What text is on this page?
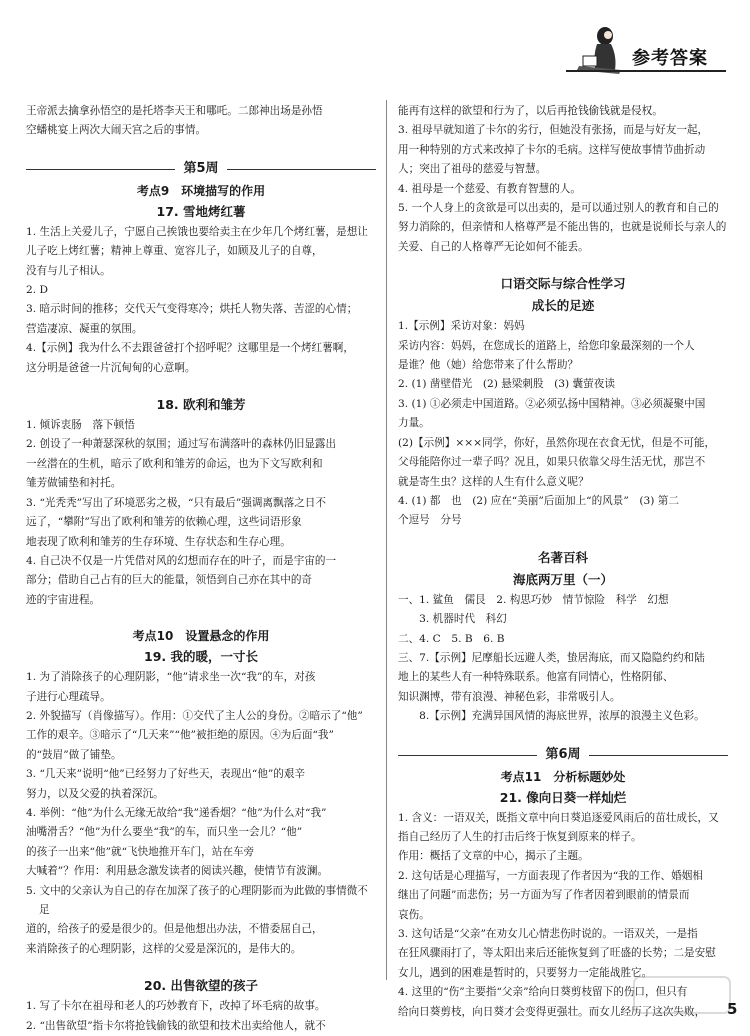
参考答案
王帝派去擒拿孙悟空的是托塔李天王和哪吒。二郎神出场是孙悟
空蟠桃宴上两次大闹天宫之后的事情。
第5周
考点9　环境描写的作用
17. 雪地烤红薯
1. 生活上关爱儿子，宁愿自己挨饿也要给卖主在少年几个烤红薯，是想让
儿子吃上烤红薯；精神上尊重、宽容儿子，如顾及儿子的自尊，
没有与儿子相认。
2. D
3. 暗示时间的推移；交代天气变得寒冷；烘托人物失落、苦涩的心情；
营造凄凉、凝重的氛围。
4.【示例】我为什么不去跟爸爸打个招呼呢？这哪里是一个烤红薯啊，
这分明是爸爸一片沉甸甸的心意啊。
18. 欧利和雏芳
1. 倾诉衷肠　落下顿悟
2. 创设了一种萧瑟深秋的氛围；通过写布满落叶的森林仍旧显露出
一丝潜在的生机，暗示了欧利和雏芳的命运，也为下文写欧利和
雏芳做铺垫和衬托。
3. “光秃秃”写出了环境恶劣之极，“只有最后”强调离飘落之日不
远了，“攀附”写出了欧利和雏芳的依赖心理，这些词语形象
地表现了欧利和雏芳的生存环境、生存状态和生存心理。
4. 自己决不仅是一片凭借对风的幻想而存在的叶子，而是宇宙的一
部分；借助自己占有的巨大的能量，领悟到自己亦在其中的奇
迹的宇宙进程。
考点10　设置悬念的作用
19. 我的暖，一寸长
1. 为了消除孩子的心理阴影，“他”请求坐一次“我”的车，对孩
子进行心理疏导。
2. 外貌描写（肖像描写）。作用：①交代了主人公的身份。②暗示了“他”
工作的艰辛。③暗示了“几天来”“他”被拒绝的原因。④为后面“我”
的“鼓眉”做了铺垫。
3. “几天来”说明“他”已经努力了好些天，表现出“他”的艰辛
努力，以及父爱的执着深沉。
4. 举例：“他”为什么无缘无故给“我”递香烟？“他”为什么对“我”
油嘴滑舌？“他”为什么要坐“我”的车，而只坐一会儿？“他”
的孩子一出来“他”就“飞快地推开车门，站在车旁
大喊着”？作用：利用悬念激发读者的阅读兴趣，使情节有波澜。
5. 文中的父亲认为自己的存在加深了孩子的心理阴影而为此做的事情微不足
道的，给孩子的爱是很少的。但是他想出办法，不惜委屈自己，
来消除孩子的心理阴影，这样的父爱是深沉的，是伟大的。
20. 出售欲望的孩子
1. 写了卡尔在祖母和老人的巧妙教育下，改掉了坏毛病的故事。
2. “出售欲望”指卡尔将抢钱偷钱的欲望和技术出卖给他人，就不
能再有这样的欲望和行为了，以后再抢钱偷钱就是侵权。
3. 祖母早就知道了卡尔的劣行，但她没有张扬，而是与好友一起，
用一种特别的方式来改掉了卡尔的毛病。这样写使故事情节曲折动
人；突出了祖母的慈爱与智慧。
4. 祖母是一个慈爱、有教育智慧的人。
5. 一个人身上的贪欲是可以出卖的，是可以通过别人的教育和自己的
努力消除的，但亲情和人格尊严是不能出售的，也就是说师长与亲人的
关爱、自己的人格尊严无论如何不能丢。
口语交际与综合性学习
成长的足迹
1.【示例】采访对象：妈妈
采访内容：妈妈，在您成长的道路上，给您印象最深刻的一个人
是谁？他（她）给您带来了什么帮助？
2. (1) 凿壁借光　(2) 悬梁刺股　(3) 囊萤夜读
3. (1) ①必须走中国道路。②必须弘扬中国精神。③必须凝聚中国
力量。
(2)【示例】×××同学，你好，虽然你现在衣食无忧，但是不可能，
父母能陪你过一辈子吗？况且，如果只依靠父母生活无忧，那岂不
就是寄生虫？这样的人生有什么意义呢？
4. (1) 都　也　(2) 应在“美丽”后面加上“的风景”　(3) 第二
个逗号　分号
名著百科
海底两万里（一）
一、1. 鲨鱼　儒艮　2. 构思巧妙　情节惊险　科学　幻想
　　3. 机器时代　科幻
二、4. C　5. B　6. B
三、7.【示例】尼摩船长远避人类，蛰居海底，而又隐隐约约和陆
地上的某些人有一种特殊联系。他富有同情心，性格阴郁、
知识渊博，带有浪漫、神秘色彩，非常吸引人。
　　8.【示例】充满异国风情的海底世界，浓厚的浪漫主义色彩。
第6周
考点11　分析标题妙处
21. 像向日葵一样灿烂
1. 含义：一语双关，既指文章中向日葵追逐爱风雨后的苗壮成长，又
指自己经历了人生的打击后终于恢复到原来的样子。
作用：概括了文章的中心，揭示了主题。
2. 这句话是心理描写，一方面表现了作者因为“我的工作、婚姻相
继出了问题”而悲伤；另一方面为写了作者因着到眼前的情景而
哀伤。
3. 这句话是“父亲”在劝女儿心情悲伤时说的。一语双关，一是指
在狂风骤雨打了，等太阳出来后还能恢复到了旺盛的长势；二是安慰
女儿，遇到的困难是暂时的，只要努力一定能战胜它。
4. 这里的“伤”主要指“父亲”给向日葵剪枝留下的伤口，但只有
给向日葵剪枝，向日葵才会变得更强壮。而女儿经历了这次失败，	5
